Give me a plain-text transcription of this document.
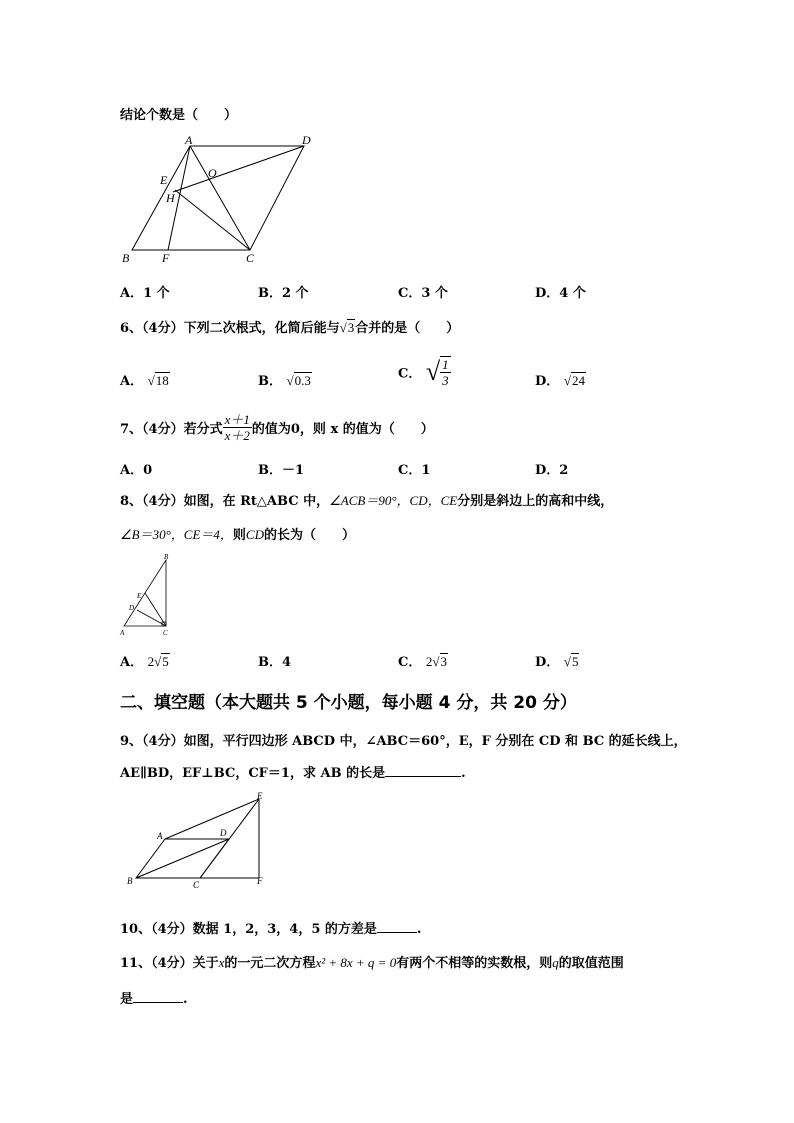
结论个数是（　　）
A	D
E	O
H
B	F	C
A．1 个	B．2 个	C．3 个	D．4 个
6、（4分）下列二次根式，化简后能与√3合并的是（　　）
A． √18	B． √0.3	C． √ $\frac{1}{3}$	D． √24
7、（4分）若分式 $\frac{x+1}{x+2}$ 的值为0，则 x 的值为（　　）
A．0	B．－1	C．1	D．2
8、（4分）如图，在 Rt△ABC 中，∠ACB＝90°，CD，CE分别是斜边上的高和中线，
∠B＝30°，CE＝4，则CD的长为（　　）
B
E
D
A	C
A． 2√5	B．4	C． 2√3	D． √5
二、填空题（本大题共 5 个小题，每小题 4 分，共 20 分）
9、（4分）如图，平行四边形 ABCD 中，∠ABC＝60°，E，F 分别在 CD 和 BC 的延长线上，
AE∥BD，EF⊥BC，CF＝1，求 AB 的长是	.
E
A	D
B	C	F
10、（4分）数据 1，2，3，4，5 的方差是	.
11、（4分）关于x的一元二次方程x² + 8x + q = 0有两个不相等的实数根，则q的取值范围
是	.
